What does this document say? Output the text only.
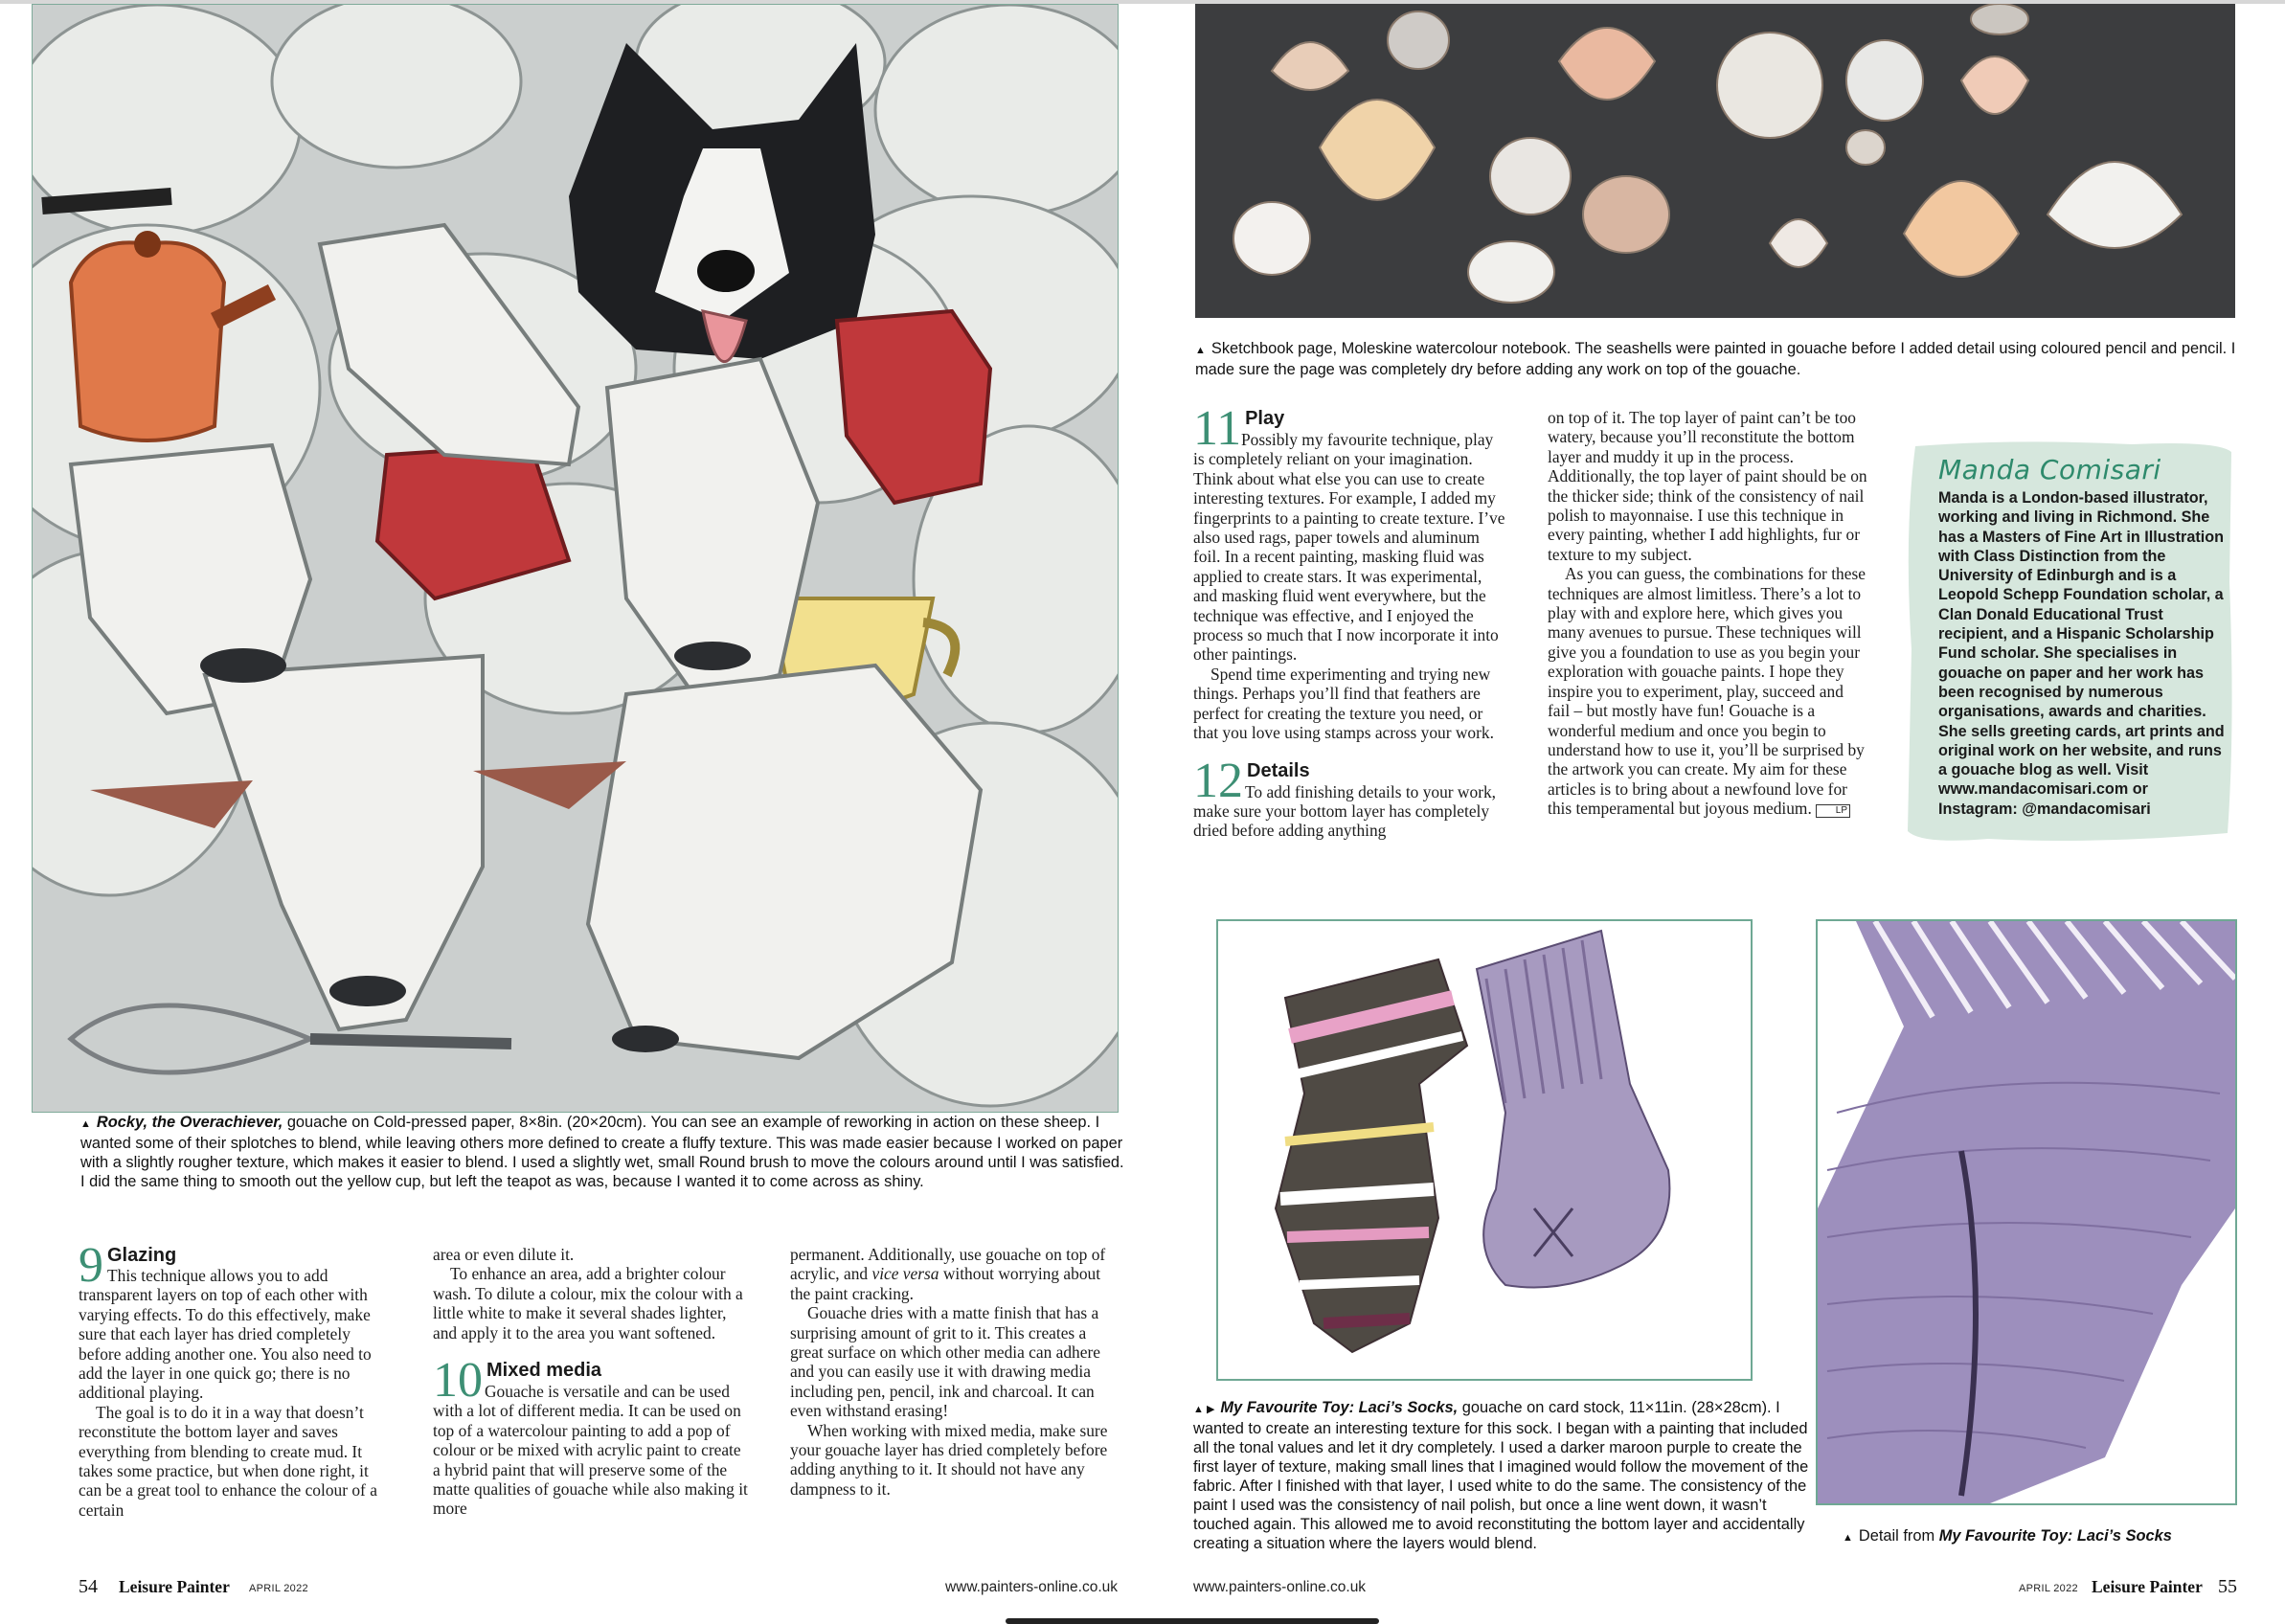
▲ Rocky, the Overachiever, gouache on Cold-pressed paper, 8×8in. (20×20cm). You can see an example of reworking in action on these sheep. I wanted some of their splotches to blend, while leaving others more defined to create a fluffy texture. This was made easier because I worked on paper with a slightly rougher texture, which makes it easier to blend. I used a slightly wet, small Round brush to move the colours around until I was satisfied. I did the same thing to smooth out the yellow cup, but left the teapot as was, because I wanted it to come across as shiny.
9 Glazing

This technique allows you to add transparent layers on top of each other with varying effects. To do this effectively, make sure that each layer has dried completely before adding another one. You also need to add the layer in one quick go; there is no additional playing.

The goal is to do it in a way that doesn’t reconstitute the bottom layer and saves everything from blending to create mud. It takes some practice, but when done right, it can be a great tool to enhance the colour of a certain

area or even dilute it.

To enhance an area, add a brighter colour wash. To dilute a colour, mix the colour with a little white to make it several shades lighter, and apply it to the area you want softened.

10 Mixed media

Gouache is versatile and can be used with a lot of different media. It can be used on top of a watercolour painting to add a pop of colour or be mixed with acrylic paint to create a hybrid paint that will preserve some of the matte qualities of gouache while also making it more

permanent. Additionally, use gouache on top of acrylic, and vice versa without worrying about the paint cracking.

Gouache dries with a matte finish that has a surprising amount of grit to it. This creates a great surface on which other media can adhere and you can easily use it with drawing media including pen, pencil, ink and charcoal. It can even withstand erasing!

When working with mixed media, make sure your gouache layer has dried completely before adding anything to it. It should not have any dampness to it.

54 Leisure Painter APRIL 2022	www.painters-online.co.uk
▲ Sketchbook page, Moleskine watercolour notebook. The seashells were painted in gouache before I added detail using coloured pencil and pencil. I made sure the page was completely dry before adding any work on top of the gouache.
11 Play

Possibly my favourite technique, play is completely reliant on your imagination. Think about what else you can use to create interesting textures. For example, I added my fingerprints to a painting to create texture. I’ve also used rags, paper towels and aluminum foil. In a recent painting, masking fluid was applied to create stars. It was experimental, and masking fluid went everywhere, but the technique was effective, and I enjoyed the process so much that I now incorporate it into other paintings.

Spend time experimenting and trying new things. Perhaps you’ll find that feathers are perfect for creating the texture you need, or that you love using stamps across your work.

12 Details

To add finishing details to your work, make sure your bottom layer has completely dried before adding anything

on top of it. The top layer of paint can’t be too watery, because you’ll reconstitute the bottom layer and muddy it up in the process. Additionally, the top layer of paint should be on the thicker side; think of the consistency of nail polish to mayonnaise. I use this technique in every painting, whether I add highlights, fur or texture to my subject.

As you can guess, the combinations for these techniques are almost limitless. There’s a lot to play with and explore here, which gives you many avenues to pursue. These techniques will give you a foundation to use as you begin your exploration with gouache paints. I hope they inspire you to experiment, play, succeed and fail – but mostly have fun! Gouache is a wonderful medium and once you begin to understand how to use it, you’ll be surprised by the artwork you can create. My aim for these articles is to bring about a newfound love for this temperamental but joyous medium.	LP

Manda Comisari
Manda is a London-based illustrator, working and living in Richmond. She has a Masters of Fine Art in Illustration with Class Distinction from the University of Edinburgh and is a Leopold Schepp Foundation scholar, a Clan Donald Educational Trust recipient, and a Hispanic Scholarship Fund scholar. She specialises in gouache on paper and her work has been recognised by numerous organisations, awards and charities. She sells greeting cards, art prints and original work on her website, and runs a gouache blog as well. Visit www.mandacomisari.com or Instagram: @mandacomisari
▲ ▶ My Favourite Toy: Laci’s Socks, gouache on card stock, 11×11in. (28×28cm). I wanted to create an interesting texture for this sock. I began with a painting that included all the tonal values and let it dry completely. I used a darker maroon purple to create the first layer of texture, making small lines that I imagined would follow the movement of the fabric. After I finished with that layer, I used white to do the same. The consistency of the paint I used was the consistency of nail polish, but once a line went down, it wasn’t touched again. This allowed me to avoid reconstituting the bottom layer and accidentally creating a situation where the layers would blend.	▲ Detail from My Favourite Toy: Laci’s Socks
www.painters-online.co.uk	APRIL 2022 Leisure Painter 55
